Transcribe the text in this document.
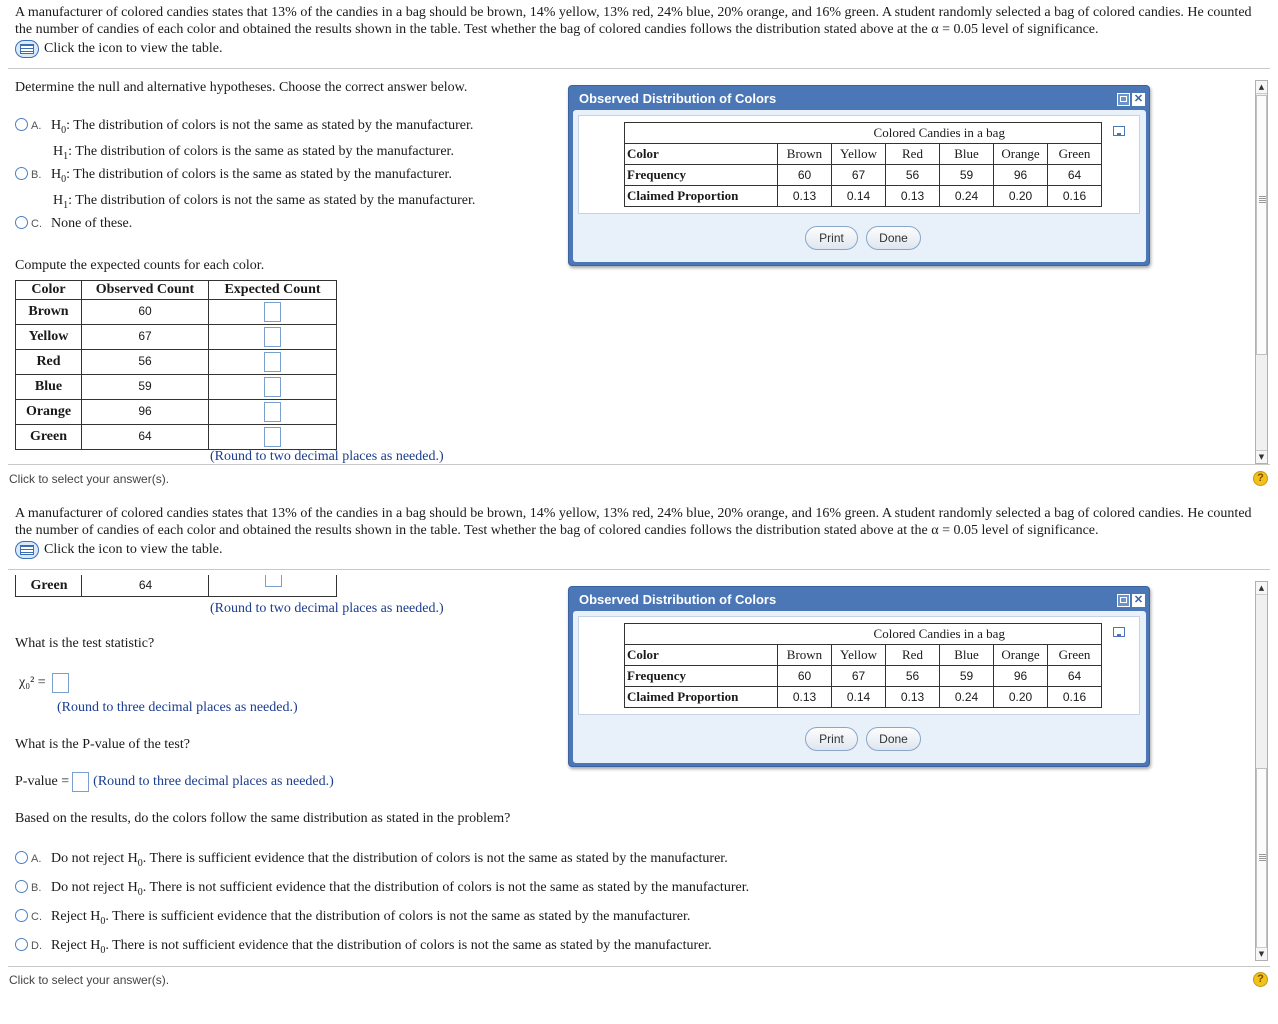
A manufacturer of colored candies states that 13% of the candies in a bag should be brown, 14% yellow, 13% red, 24% blue, 20% orange, and 16% green. A student randomly selected a bag of colored candies. He counted the number of candies of each color and obtained the results shown in the table. Test whether the bag of colored candies follows the distribution stated above at the α = 0.05 level of significance.
Click the icon to view the table.
Determine the null and alternative hypotheses. Choose the correct answer below.
A. $H_0$: The distribution of colors is not the same as stated by the manufacturer.
$H_1$: The distribution of colors is the same as stated by the manufacturer.
B. $H_0$: The distribution of colors is the same as stated by the manufacturer.
$H_1$: The distribution of colors is not the same as stated by the manufacturer.
C. None of these.
Compute the expected counts for each color.
Color	Observed Count	Expected Count
Brown	60	
Yellow	67	
Red	56	
Blue	59	
Orange	96	
Green	64	
(Round to two decimal places as needed.)
Click to select your answer(s).	?
▲
▼
Observed Distribution of Colors	✕
	Colored Candies in a bag					
Color	Brown	Yellow	Red	Blue	Orange	Green
Frequency	60	67	56	59	96	64
Claimed Proportion	0.13	0.14	0.13	0.24	0.20	0.16
Print	Done
A manufacturer of colored candies states that 13% of the candies in a bag should be brown, 14% yellow, 13% red, 24% blue, 20% orange, and 16% green. A student randomly selected a bag of colored candies. He counted the number of candies of each color and obtained the results shown in the table. Test whether the bag of colored candies follows the distribution stated above at the α = 0.05 level of significance.
Click the icon to view the table.
Green	64
(Round to two decimal places as needed.)
What is the test statistic?
χ₀² =
(Round to three decimal places as needed.)
What is the P-value of the test?
P-value = (Round to three decimal places as needed.)
Based on the results, do the colors follow the same distribution as stated in the problem?
A. Do not reject $H_0$. There is sufficient evidence that the distribution of colors is not the same as stated by the manufacturer.
B. Do not reject $H_0$. There is not sufficient evidence that the distribution of colors is not the same as stated by the manufacturer.
C. Reject $H_0$. There is sufficient evidence that the distribution of colors is not the same as stated by the manufacturer.
D. Reject $H_0$. There is not sufficient evidence that the distribution of colors is not the same as stated by the manufacturer.
Click to select your answer(s).	?
▲
▼
Observed Distribution of Colors	✕
	Colored Candies in a bag					
Color	Brown	Yellow	Red	Blue	Orange	Green
Frequency	60	67	56	59	96	64
Claimed Proportion	0.13	0.14	0.13	0.24	0.20	0.16
Print	Done
